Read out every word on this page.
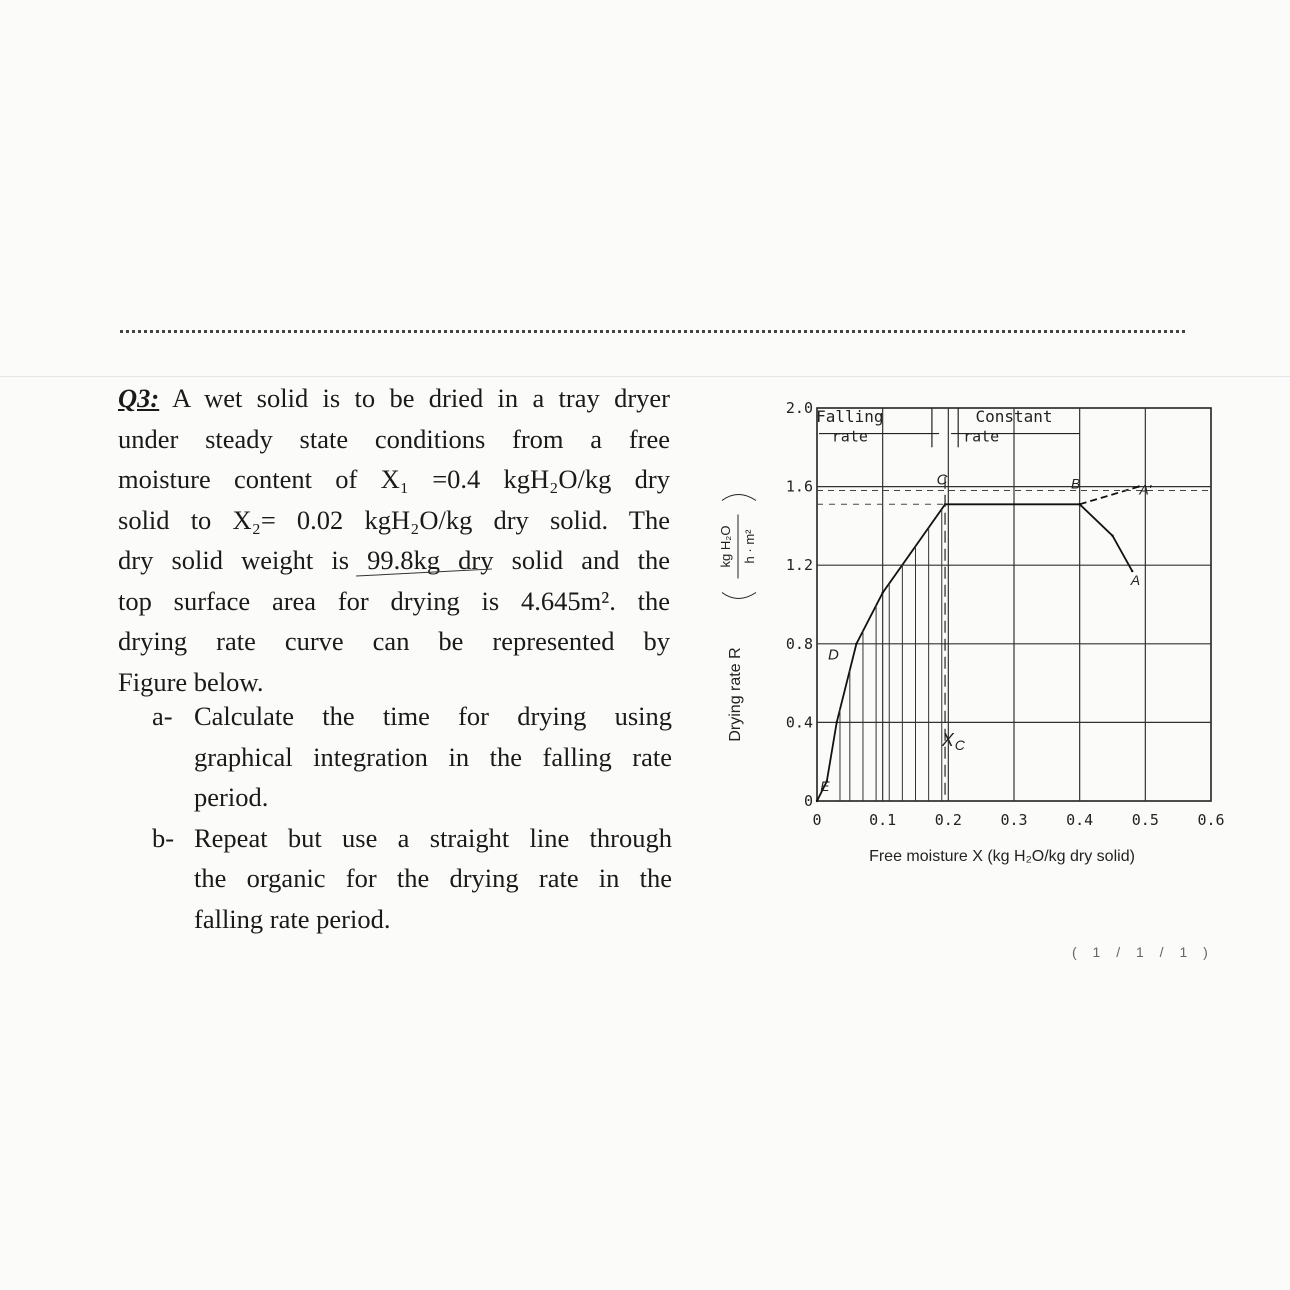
Q3: A wet solid is to be dried in a tray dryer

under steady state conditions from a free

moisture content of X₁ =0.4 kgH₂O/kg dry

solid to X₂= 0.02 kgH₂O/kg dry solid. The

dry solid weight is 99.8kg dry solid and the

top surface area for drying is 4.645m². the

drying rate curve can be represented by

Figure below.

a- Calculate the time for drying using

graphical integration in the falling rate

period.

b- Repeat but use a straight line through

the organic for the drying rate in the

falling rate period.

0	0.1	0.2	0.3	0.4	0.5	0.6
0
0.4
0.8
1.2
1.6
2.0
Free moisture X (kg H₂O/kg dry solid)
Drying rate R
kg H₂O h · m²
Falling
rate
Constant
rate
C	B
A
A'
D
E
X C
( 1 / 1 / 1 )
